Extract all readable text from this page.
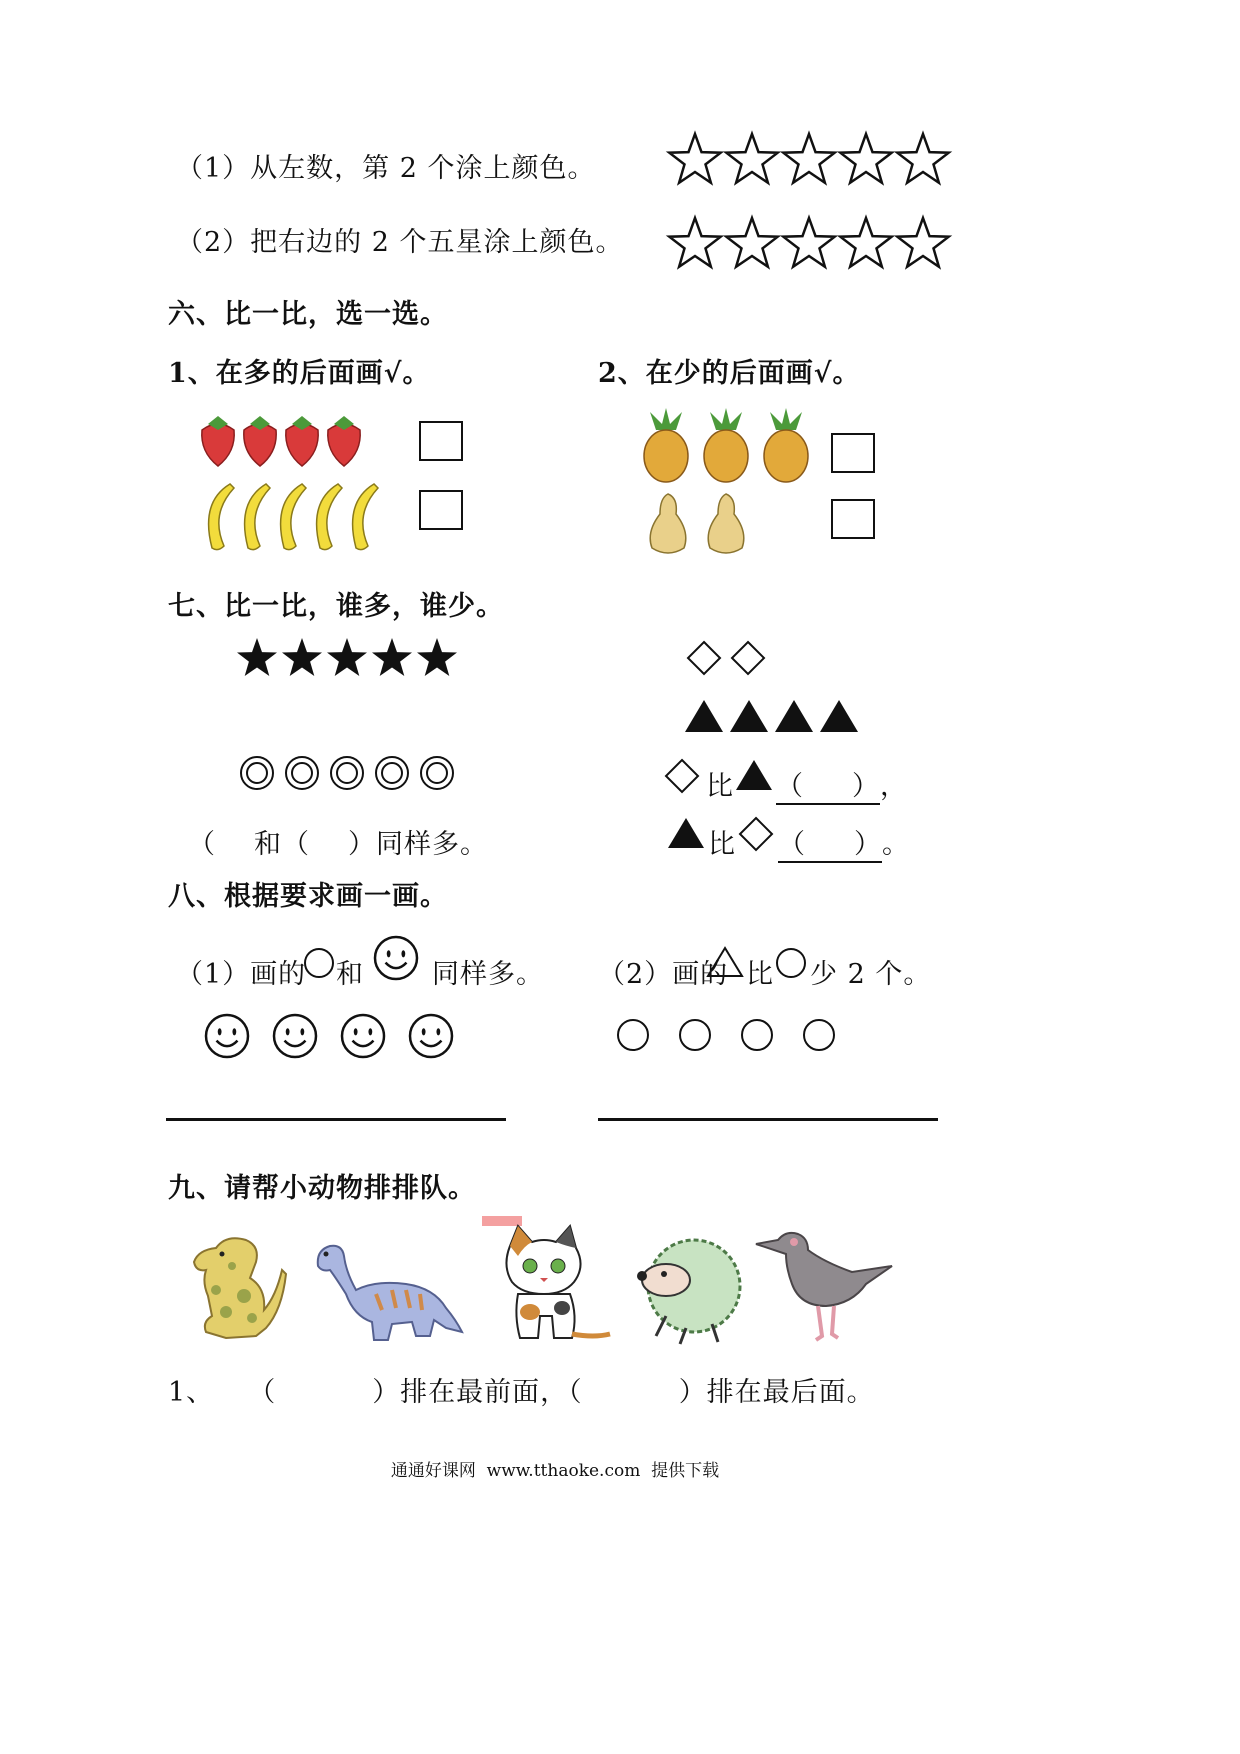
（1）从左数，第 2 个涂上颜色。
（2）把右边的 2 个五星涂上颜色。
六、比一比，选一选。
1、在多的后面画√。	2、在少的后面画√。
七、比一比，谁多，谁少。
（ 和（ ）同样多。
比 （ ），
比 （ ）。
八、根据要求画一画。
（1）画的 和	同样多。 （2）画的 比 少 2 个。
九、请帮小动物排排队。
1、 （	）排在最前面，（	）排在最后面。
通通好课网  www.tthaoke.com  提供下载
